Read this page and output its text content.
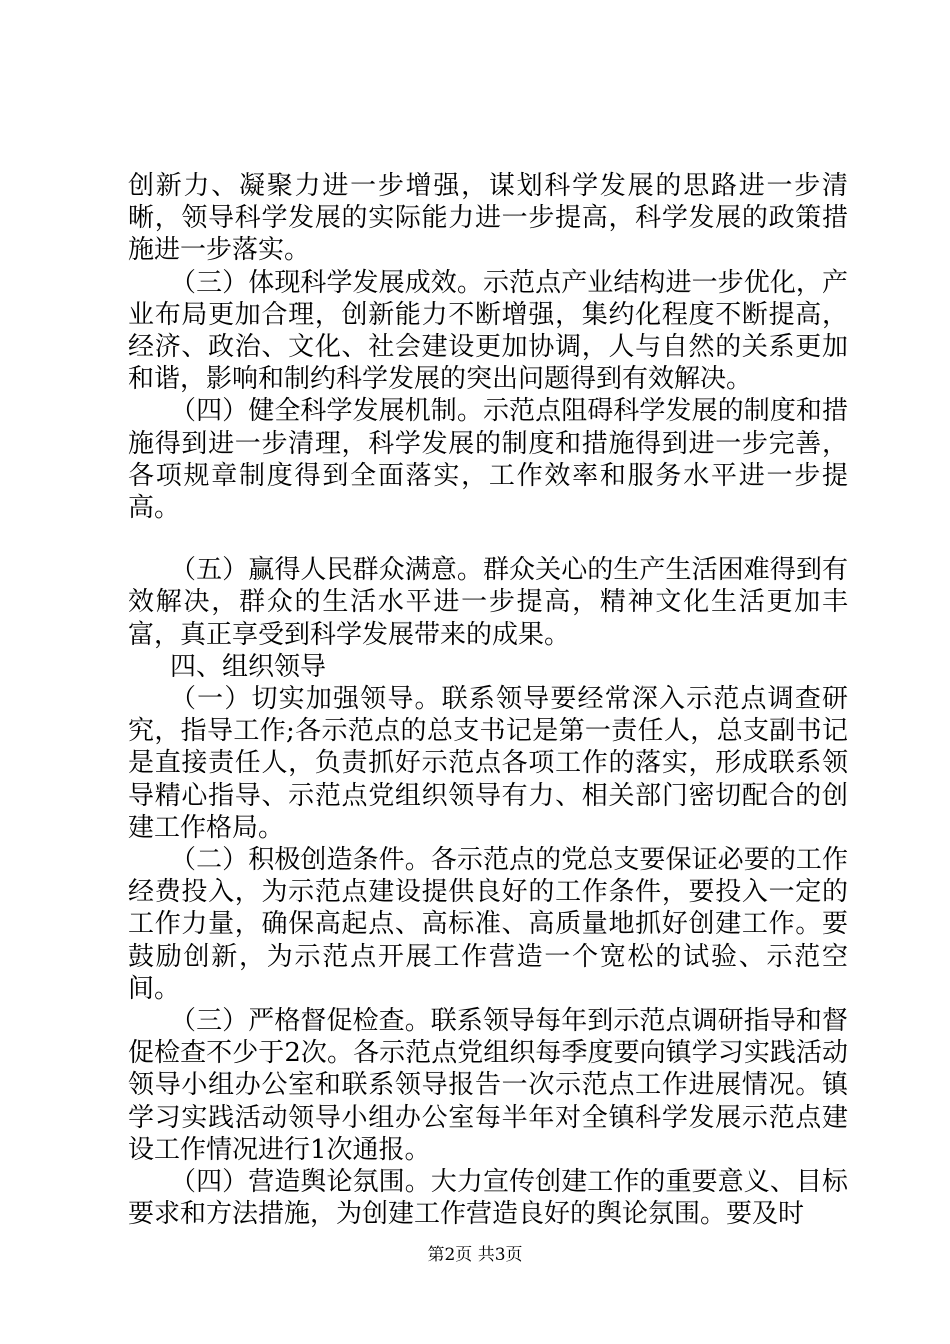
创新力、凝聚力进一步增强，谋划科学发展的思路进一步清晰，领导科学发展的实际能力进一步提高，科学发展的政策措施进一步落实。

（三）体现科学发展成效。示范点产业结构进一步优化，产业布局更加合理，创新能力不断增强，集约化程度不断提高，经济、政治、文化、社会建设更加协调，人与自然的关系更加和谐，影响和制约科学发展的突出问题得到有效解决。

（四）健全科学发展机制。示范点阻碍科学发展的制度和措施得到进一步清理，科学发展的制度和措施得到进一步完善，各项规章制度得到全面落实，工作效率和服务水平进一步提高。

（五）赢得人民群众满意。群众关心的生产生活困难得到有效解决，群众的生活水平进一步提高，精神文化生活更加丰富，真正享受到科学发展带来的成果。

四、组织领导

（一）切实加强领导。联系领导要经常深入示范点调查研究，指导工作;各示范点的总支书记是第一责任人，总支副书记是直接责任人，负责抓好示范点各项工作的落实，形成联系领导精心指导、示范点党组织领导有力、相关部门密切配合的创建工作格局。

（二）积极创造条件。各示范点的党总支要保证必要的工作经费投入，为示范点建设提供良好的工作条件，要投入一定的工作力量，确保高起点、高标准、高质量地抓好创建工作。要鼓励创新，为示范点开展工作营造一个宽松的试验、示范空间。

（三）严格督促检查。联系领导每年到示范点调研指导和督促检查不少于2次。各示范点党组织每季度要向镇学习实践活动领导小组办公室和联系领导报告一次示范点工作进展情况。镇学习实践活动领导小组办公室每半年对全镇科学发展示范点建设工作情况进行1次通报。

（四）营造舆论氛围。大力宣传创建工作的重要意义、目标要求和方法措施，为创建工作营造良好的舆论氛围。要及时

第2页 共3页
